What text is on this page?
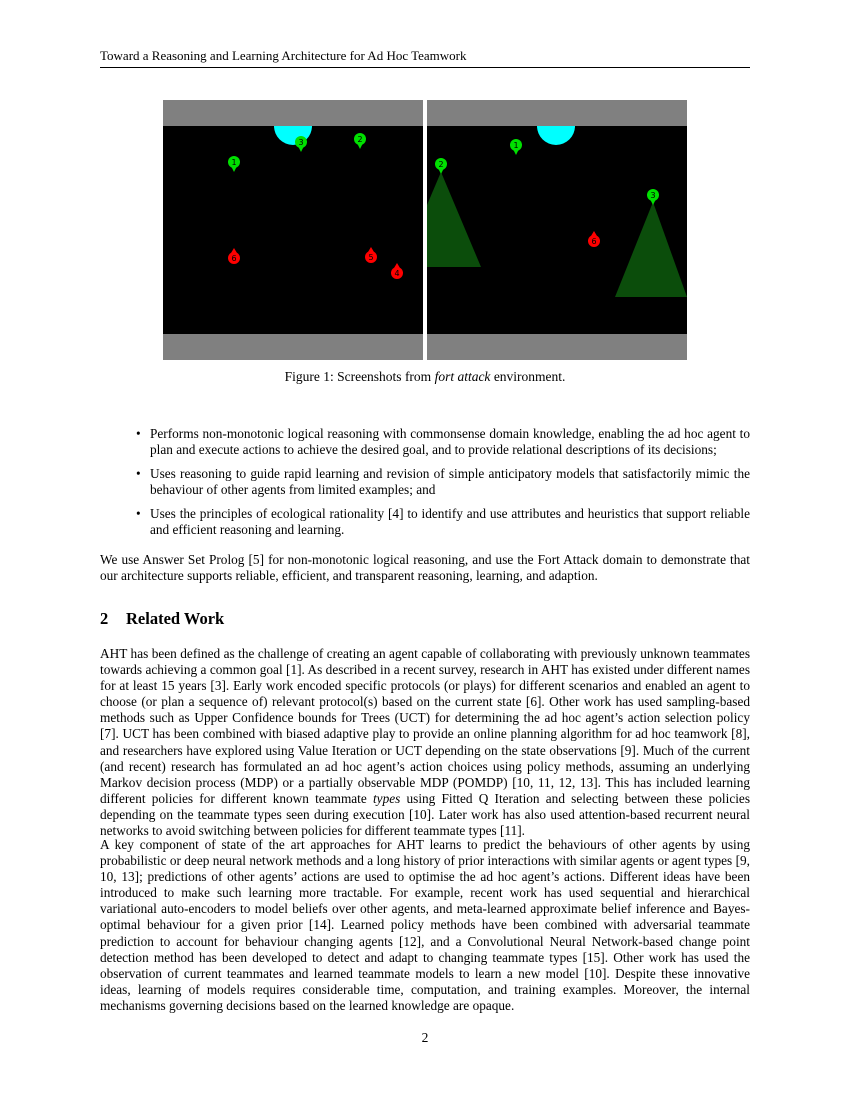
Toward a Reasoning and Learning Architecture for Ad Hoc Teamwork
1
2
3
6	5
4
1
2
3
6
Figure 1: Screenshots from fort attack environment.
• Performs non-monotonic logical reasoning with commonsense domain knowledge, enabling the ad hoc agent to plan and execute actions to achieve the desired goal, and to provide relational descriptions of its decisions;
• Uses reasoning to guide rapid learning and revision of simple anticipatory models that satisfactorily mimic the behaviour of other agents from limited examples; and
• Uses the principles of ecological rationality [4] to identify and use attributes and heuristics that support reliable and efficient reasoning and learning.

We use Answer Set Prolog [5] for non-monotonic logical reasoning, and use the Fort Attack domain to demonstrate that our architecture supports reliable, efficient, and transparent reasoning, learning, and adaption.

2 Related Work

AHT has been defined as the challenge of creating an agent capable of collaborating with previously unknown teammates towards achieving a common goal [1]. As described in a recent survey, research in AHT has existed under different names for at least 15 years [3]. Early work encoded specific protocols (or plays) for different scenarios and enabled an agent to choose (or plan a sequence of) relevant protocol(s) based on the current state [6]. Other work has used sampling-based methods such as Upper Confidence bounds for Trees (UCT) for determining the ad hoc agent’s action selection policy [7]. UCT has been combined with biased adaptive play to provide an online planning algorithm for ad hoc teamwork [8], and researchers have explored using Value Iteration or UCT depending on the state observations [9]. Much of the current (and recent) research has formulated an ad hoc agent’s action choices using policy methods, assuming an underlying Markov decision process (MDP) or a partially observable MDP (POMDP) [10, 11, 12, 13]. This has included learning different policies for different known teammate types using Fitted Q Iteration and selecting between these policies depending on the teammate types seen during execution [10]. Later work has also used attention-based recurrent neural networks to avoid switching between policies for different teammate types [11].

A key component of state of the art approaches for AHT learns to predict the behaviours of other agents by using probabilistic or deep neural network methods and a long history of prior interactions with similar agents or agent types [9, 10, 13]; predictions of other agents’ actions are used to optimise the ad hoc agent’s actions. Different ideas have been introduced to make such learning more tractable. For example, recent work has used sequential and hierarchical variational auto-encoders to model beliefs over other agents, and meta-learned approximate belief inference and Bayes-optimal behaviour for a given prior [14]. Learned policy methods have been combined with adversarial teammate prediction to account for behaviour changing agents [12], and a Convolutional Neural Network-based change point detection method has been developed to detect and adapt to changing teammate types [15]. Other work has used the observation of current teammates and learned teammate models to learn a new model [10]. Despite these innovative ideas, learning of models requires considerable time, computation, and training examples. Moreover, the internal mechanisms governing decisions based on the learned knowledge are opaque.

2
